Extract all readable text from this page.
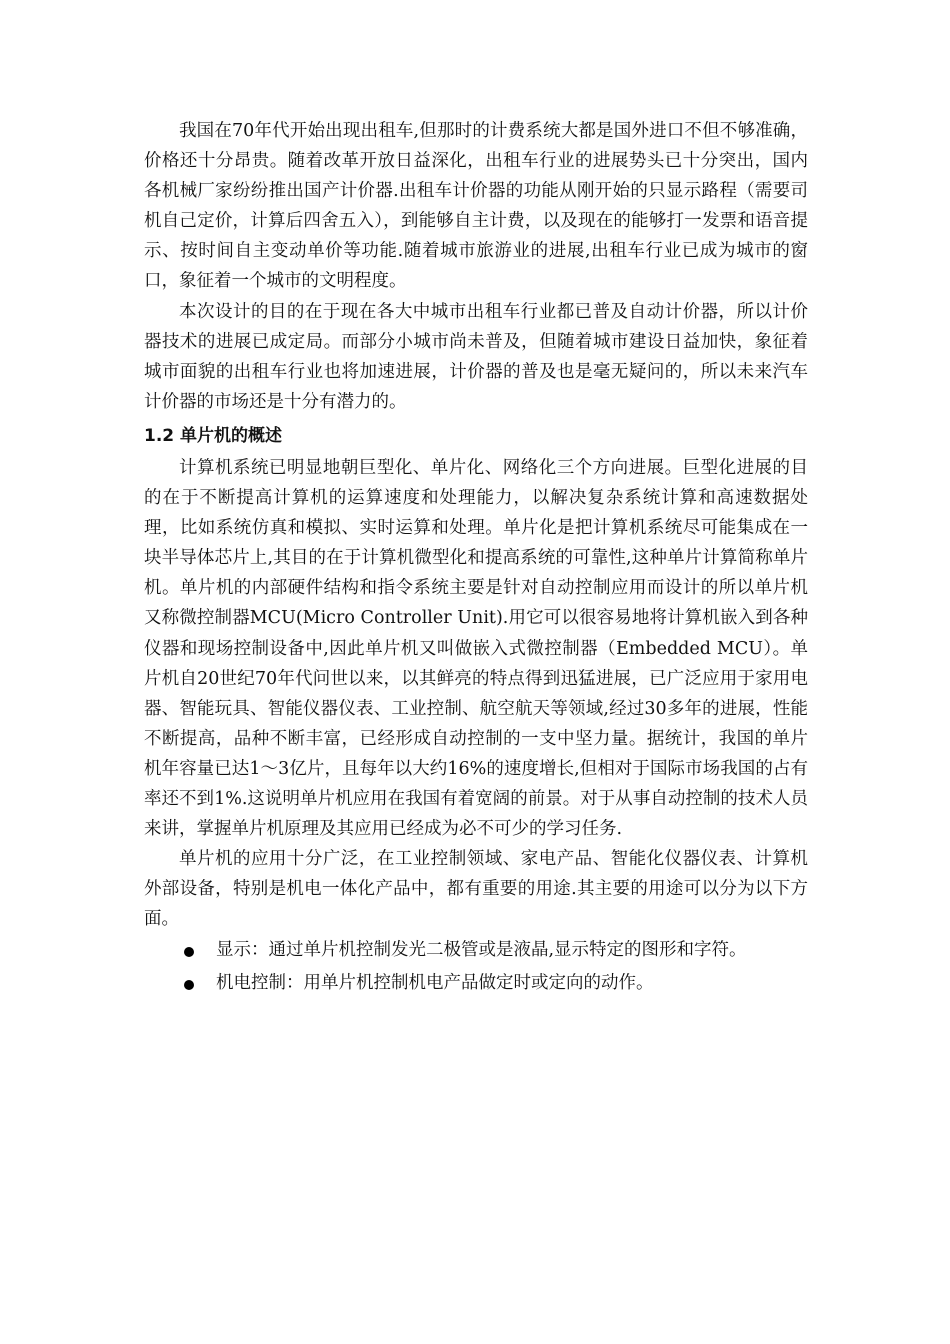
我国在70年代开始出现出租车,但那时的计费系统大都是国外进口不但不够准确，价格还十分昂贵。随着改革开放日益深化，出租车行业的进展势头已十分突出，国内各机械厂家纷纷推出国产计价器.出租车计价器的功能从刚开始的只显示路程（需要司机自己定价，计算后四舍五入），到能够自主计费，以及现在的能够打一发票和语音提示、按时间自主变动单价等功能.随着城市旅游业的进展,出租车行业已成为城市的窗口，象征着一个城市的文明程度。

本次设计的目的在于现在各大中城市出租车行业都已普及自动计价器，所以计价器技术的进展已成定局。而部分小城市尚未普及，但随着城市建设日益加快，象征着城市面貌的出租车行业也将加速进展，计价器的普及也是毫无疑问的，所以未来汽车计价器的市场还是十分有潜力的。

1.2 单片机的概述

计算机系统已明显地朝巨型化、单片化、网络化三个方向进展。巨型化进展的目的在于不断提高计算机的运算速度和处理能力，以解决复杂系统计算和高速数据处理，比如系统仿真和模拟、实时运算和处理。单片化是把计算机系统尽可能集成在一块半导体芯片上,其目的在于计算机微型化和提高系统的可靠性,这种单片计算简称单片机。单片机的内部硬件结构和指令系统主要是针对自动控制应用而设计的所以单片机又称微控制器MCU(Micro Controller Unit).用它可以很容易地将计算机嵌入到各种仪器和现场控制设备中,因此单片机又叫做嵌入式微控制器（Embedded MCU）。单片机自20世纪70年代问世以来，以其鲜亮的特点得到迅猛进展，已广泛应用于家用电器、智能玩具、智能仪器仪表、工业控制、航空航天等领域,经过30多年的进展，性能不断提高，品种不断丰富，已经形成自动控制的一支中坚力量。据统计，我国的单片机年容量已达1～3亿片，且每年以大约16%的速度增长,但相对于国际市场我国的占有率还不到1%.这说明单片机应用在我国有着宽阔的前景。对于从事自动控制的技术人员来讲，掌握单片机原理及其应用已经成为必不可少的学习任务.

单片机的应用十分广泛，在工业控制领域、家电产品、智能化仪器仪表、计算机外部设备，特别是机电一体化产品中，都有重要的用途.其主要的用途可以分为以下方面。

显示：通过单片机控制发光二极管或是液晶,显示特定的图形和字符。
机电控制：用单片机控制机电产品做定时或定向的动作。
